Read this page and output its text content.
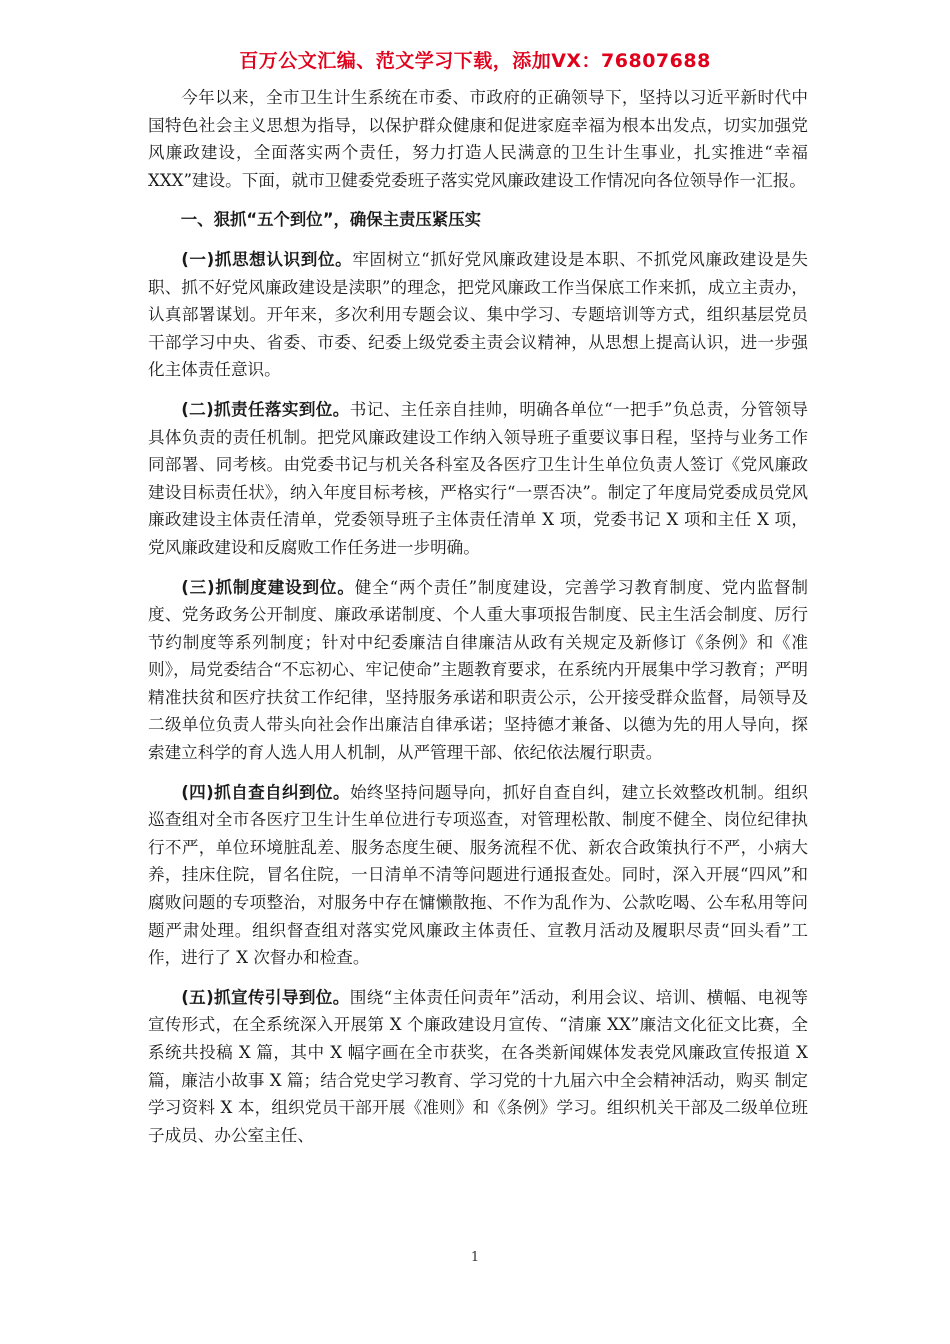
百万公文汇编、范文学习下载，添加VX：76807688

今年以来，全市卫生计生系统在市委、市政府的正确领导下，坚持以习近平新时代中国特色社会主义思想为指导，以保护群众健康和促进家庭幸福为根本出发点，切实加强党风廉政建设，全面落实两个责任，努力打造人民满意的卫生计生事业，扎实推进“幸福 XXX”建设。下面，就市卫健委党委班子落实党风廉政建设工作情况向各位领导作一汇报。

一、狠抓“五个到位”，确保主责压紧压实

(一)抓思想认识到位。牢固树立“抓好党风廉政建设是本职、不抓党风廉政建设是失职、抓不好党风廉政建设是渎职”的理念，把党风廉政工作当保底工作来抓，成立主责办，认真部署谋划。开年来，多次利用专题会议、集中学习、专题培训等方式，组织基层党员干部学习中央、省委、市委、纪委上级党委主责会议精神，从思想上提高认识，进一步强化主体责任意识。

(二)抓责任落实到位。书记、主任亲自挂帅，明确各单位“一把手”负总责，分管领导具体负责的责任机制。把党风廉政建设工作纳入领导班子重要议事日程，坚持与业务工作同部署、同考核。由党委书记与机关各科室及各医疗卫生计生单位负责人签订《党风廉政建设目标责任状》，纳入年度目标考核，严格实行“一票否决”。制定了年度局党委成员党风廉政建设主体责任清单，党委领导班子主体责任清单 X 项，党委书记 X 项和主任 X 项，党风廉政建设和反腐败工作任务进一步明确。

(三)抓制度建设到位。健全“两个责任”制度建设，完善学习教育制度、党内监督制度、党务政务公开制度、廉政承诺制度、个人重大事项报告制度、民主生活会制度、厉行节约制度等系列制度；针对中纪委廉洁自律廉洁从政有关规定及新修订《条例》和《准则》，局党委结合“不忘初心、牢记使命”主题教育要求，在系统内开展集中学习教育；严明精准扶贫和医疗扶贫工作纪律，坚持服务承诺和职责公示，公开接受群众监督，局领导及二级单位负责人带头向社会作出廉洁自律承诺；坚持德才兼备、以德为先的用人导向，探索建立科学的育人选人用人机制，从严管理干部、依纪依法履行职责。

(四)抓自查自纠到位。始终坚持问题导向，抓好自查自纠，建立长效整改机制。组织巡查组对全市各医疗卫生计生单位进行专项巡查，对管理松散、制度不健全、岗位纪律执行不严，单位环境脏乱差、服务态度生硬、服务流程不优、新农合政策执行不严，小病大养，挂床住院，冒名住院，一日清单不清等问题进行通报查处。同时，深入开展“四风”和腐败问题的专项整治，对服务中存在慵懒散拖、不作为乱作为、公款吃喝、公车私用等问题严肃处理。组织督查组对落实党风廉政主体责任、宣教月活动及履职尽责“回头看”工作，进行了 X 次督办和检查。

(五)抓宣传引导到位。围绕“主体责任问责年”活动，利用会议、培训、横幅、电视等宣传形式，在全系统深入开展第 X 个廉政建设月宣传、“清廉 XX”廉洁文化征文比赛，全系统共投稿 X 篇，其中 X 幅字画在全市获奖，在各类新闻媒体发表党风廉政宣传报道 X 篇，廉洁小故事 X 篇；结合党史学习教育、学习党的十九届六中全会精神活动，购买 制定学习资料 X 本，组织党员干部开展《准则》和《条例》学习。组织机关干部及二级单位班子成员、办公室主任、

1
